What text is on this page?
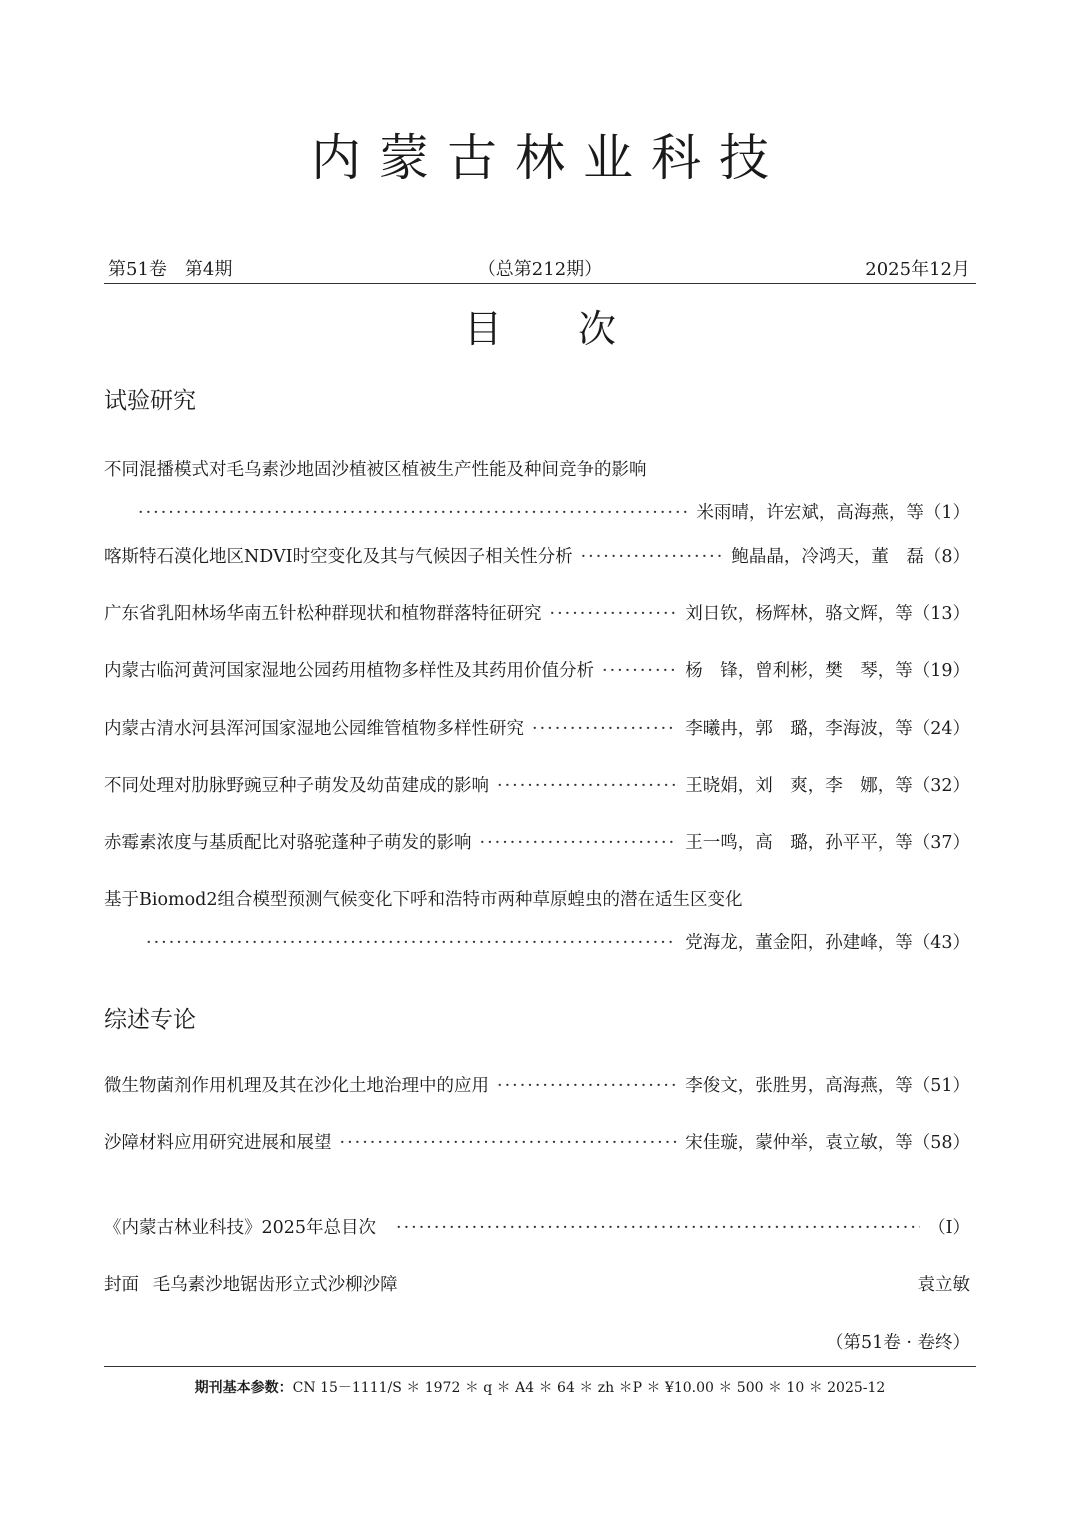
内蒙古林业科技
第51卷　第4期	（总第212期）	2025年12月
目次
试验研究
不同混播模式对毛乌素沙地固沙植被区植被生产性能及种间竞争的影响
·····
米雨晴，许宏斌，高海燕，等 （1）
喀斯特石漠化地区NDVI时空变化及其与气候因子相关性分析 ·····	鲍晶晶，冷鸿天，董　磊 （8）
广东省乳阳林场华南五针松种群现状和植物群落特征研究 ·····	刘日钦，杨辉林，骆文辉，等 （13）
内蒙古临河黄河国家湿地公园药用植物多样性及其药用价值分析 ·····	杨　锋，曾利彬，樊　琴，等 （19）
内蒙古清水河县浑河国家湿地公园维管植物多样性研究 ·····	李曦冉，郭　璐，李海波，等 （24）
不同处理对肋脉野豌豆种子萌发及幼苗建成的影响 ·····	王晓娟，刘　爽，李　娜，等 （32）
赤霉素浓度与基质配比对骆驼蓬种子萌发的影响 ·····	王一鸣，高　璐，孙平平，等 （37）
基于Biomod2组合模型预测气候变化下呼和浩特市两种草原蝗虫的潜在适生区变化
·····
党海龙，董金阳，孙建峰，等 （43）
综述专论
微生物菌剂作用机理及其在沙化土地治理中的应用 ·····	李俊文，张胜男，高海燕，等 （51）
沙障材料应用研究进展和展望 ·····	宋佳璇，蒙仲举，袁立敏，等 （58）
《内蒙古林业科技》2025年总目次 ·····	（I）
封面 毛乌素沙地锯齿形立式沙柳沙障	袁立敏
（第51卷 · 卷终）
期刊基本参数：CN 15－1111/S ＊ 1972 ＊ q ＊ A4 ＊ 64 ＊ zh ＊P ＊ ¥10.00 ＊ 500 ＊ 10 ＊ 2025-12
